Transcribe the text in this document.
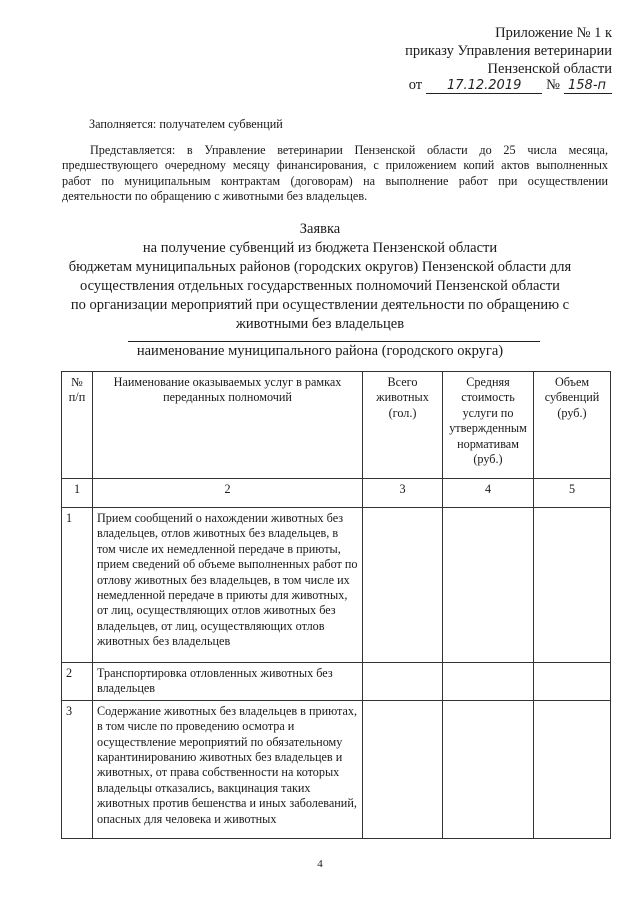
Приложение № 1 к
приказу Управления ветеринарии
Пензенской области
от	17.12.2019	№ 158-п
Заполняется: получателем субвенций
Представляется: в Управление ветеринарии Пензенской области до 25 числа месяца, предшествующего очередному месяцу финансирования, с приложением копий актов выполненных работ по муниципальным контрактам (договорам) на выполнение работ при осуществлении деятельности по обращению с животными без владельцев.
Заявка
на получение субвенций из бюджета Пензенской области
бюджетам муниципальных районов (городских округов) Пензенской области для
осуществления отдельных государственных полномочий Пензенской области
по организации мероприятий при осуществлении деятельности по обращению с
животными без владельцев
наименование муниципального района (городского округа)
№ п/п	Наименование оказываемых услуг в рамках переданных полномочий	Всего животных (гол.)	Средняя стоимость услуги по утвержденным нормативам (руб.)	Объем субвенций (руб.)
1	2	3	4	5
1	Прием сообщений о нахождении животных без владельцев, отлов животных без владельцев, в том числе их немедленной передаче в приюты, прием сведений об объеме выполненных работ по отлову животных без владельцев, в том числе их немедленной передаче в приюты для животных, от лиц, осуществляющих отлов животных без владельцев, от лиц, осуществляющих отлов животных без владельцев			
2	Транспортировка отловленных животных без владельцев			
3	Содержание животных без владельцев в приютах, в том числе по проведению осмотра и осуществление мероприятий по обязательному карантинированию животных без владельцев и животных, от права собственности на которых владельцы отказались, вакцинация таких животных против бешенства и иных заболеваний, опасных для человека и животных			
4
